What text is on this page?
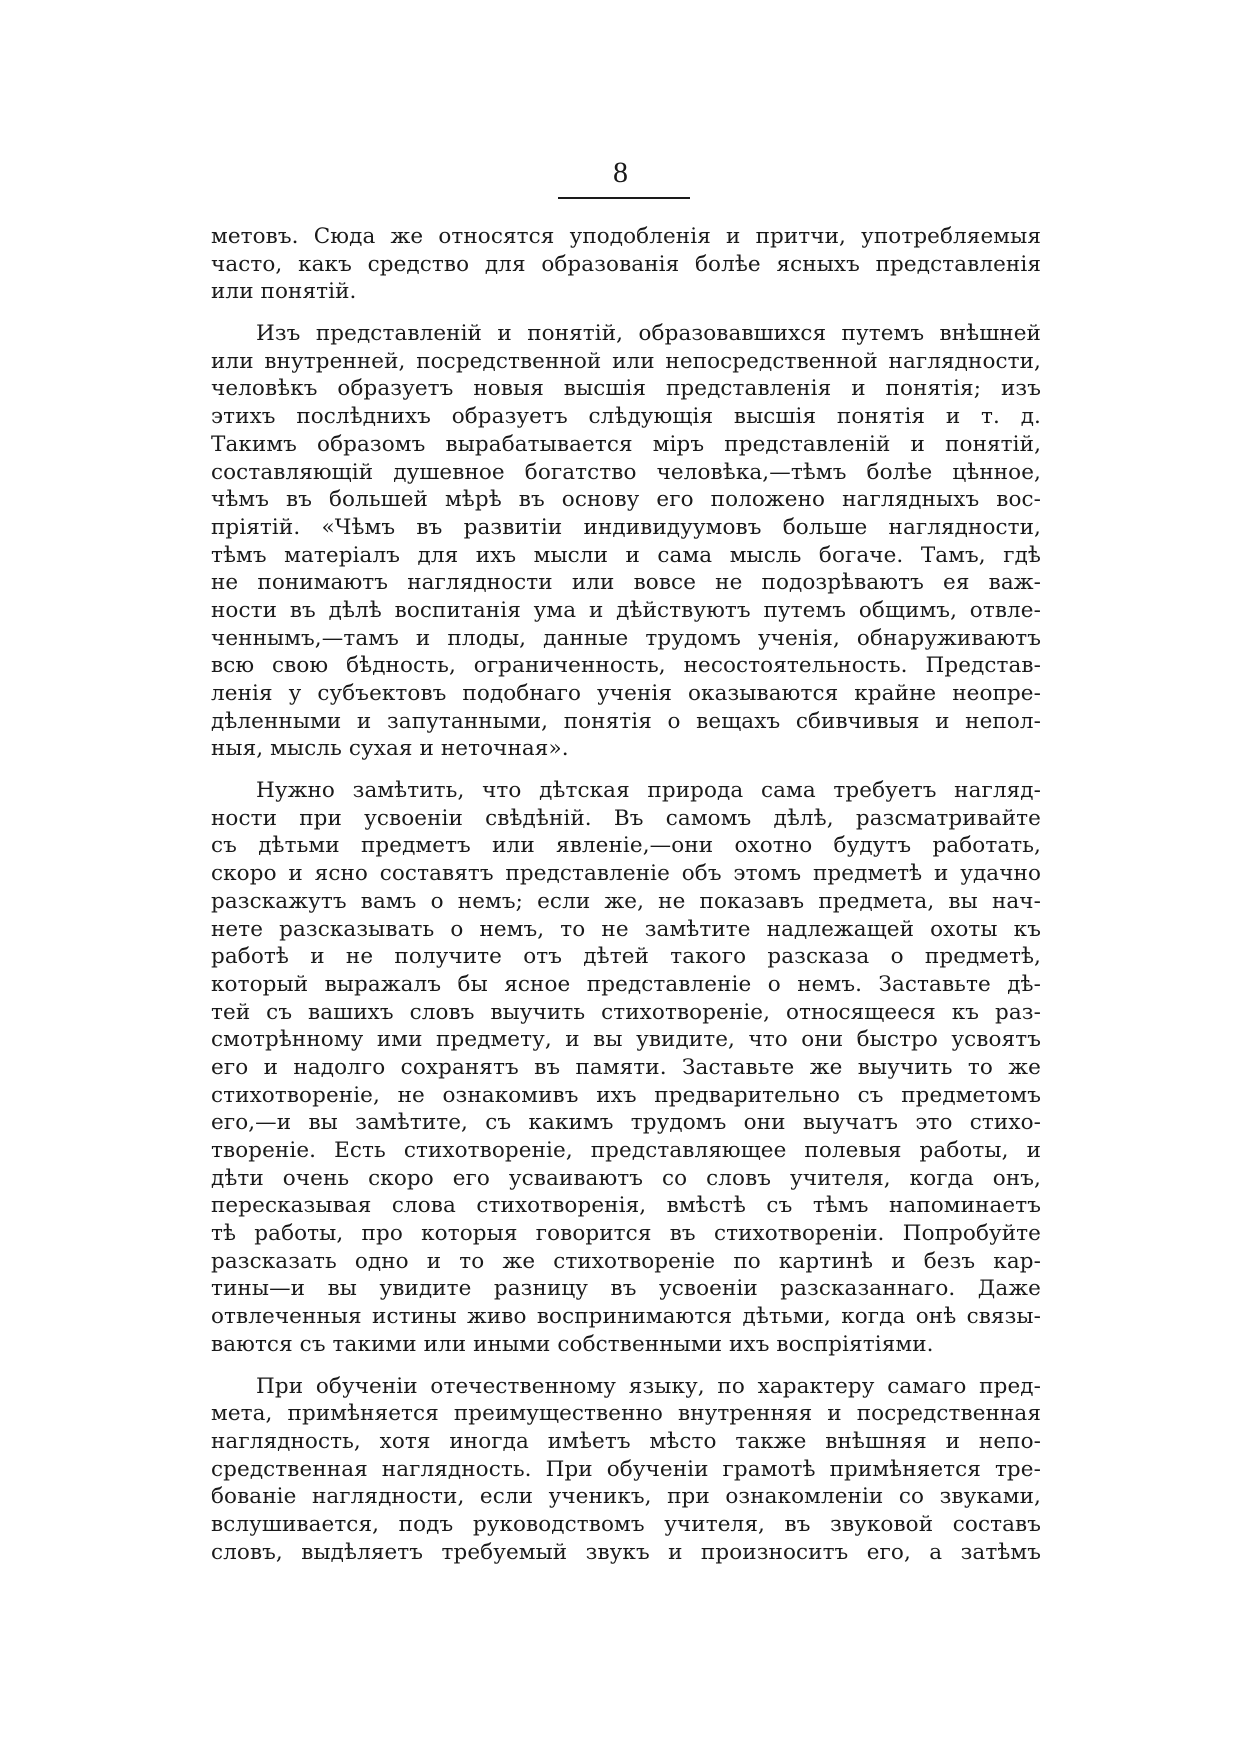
8
метовъ. Сюда же относятся уподобленія и притчи, употребляемыя
часто, какъ средство для образованія болѣе ясныхъ представленія
или понятій.
Изъ представленій и понятій, образовавшихся путемъ внѣшней
или внутренней, посредственной или непосредственной наглядности,
человѣкъ образуетъ новыя высшія представленія и понятія; изъ
этихъ послѣднихъ образуетъ слѣдующія высшія понятія и т. д.
Такимъ образомъ вырабатывается міръ представленій и понятій,
составляющій душевное богатство человѣка,—тѣмъ болѣе цѣнное,
чѣмъ въ большей мѣрѣ въ основу его положено наглядныхъ вос-
пріятій. «Чѣмъ въ развитіи индивидуумовъ больше наглядности,
тѣмъ матеріалъ для ихъ мысли и сама мысль богаче. Тамъ, гдѣ
не понимаютъ наглядности или вовсе не подозрѣваютъ ея важ-
ности въ дѣлѣ воспитанія ума и дѣйствуютъ путемъ общимъ, отвле-
ченнымъ,—тамъ и плоды, данные трудомъ ученія, обнаруживаютъ
всю свою бѣдность, ограниченность, несостоятельность. Представ-
ленія у субъектовъ подобнаго ученія оказываются крайне неопре-
дѣленными и запутанными, понятія о вещахъ сбивчивыя и непол-
ныя, мысль сухая и неточная».
Нужно замѣтить, что дѣтская природа сама требуетъ нагляд-
ности при усвоеніи свѣдѣній. Въ самомъ дѣлѣ, разсматривайте
съ дѣтьми предметъ или явленіе,—они охотно будутъ работать,
скоро и ясно составятъ представленіе объ этомъ предметѣ и удачно
разскажутъ вамъ о немъ; если же, не показавъ предмета, вы нач-
нете разсказывать о немъ, то не замѣтите надлежащей охоты къ
работѣ и не получите отъ дѣтей такого разсказа о предметѣ,
который выражалъ бы ясное представленіе о немъ. Заставьте дѣ-
тей съ вашихъ словъ выучить стихотвореніе, относящееся къ раз-
смотрѣнному ими предмету, и вы увидите, что они быстро усвоятъ
его и надолго сохранятъ въ памяти. Заставьте же выучить то же
стихотвореніе, не ознакомивъ ихъ предварительно съ предметомъ
его,—и вы замѣтите, съ какимъ трудомъ они выучатъ это стихо-
твореніе. Есть стихотвореніе, представляющее полевыя работы, и
дѣти очень скоро его усваиваютъ со словъ учителя, когда онъ,
пересказывая слова стихотворенія, вмѣстѣ съ тѣмъ напоминаетъ
тѣ работы, про которыя говорится въ стихотвореніи. Попробуйте
разсказать одно и то же стихотвореніе по картинѣ и безъ кар-
тины—и вы увидите разницу въ усвоеніи разсказаннаго. Даже
отвлеченныя истины живо воспринимаются дѣтьми, когда онѣ связы-
ваются съ такими или иными собственными ихъ воспріятіями.
При обученіи отечественному языку, по характеру самаго пред-
мета, примѣняется преимущественно внутренняя и посредственная
наглядность, хотя иногда имѣетъ мѣсто также внѣшняя и непо-
средственная наглядность. При обученіи грамотѣ примѣняется тре-
бованіе наглядности, если ученикъ, при ознакомленіи со звуками,
вслушивается, подъ руководствомъ учителя, въ звуковой составъ
словъ, выдѣляетъ требуемый звукъ и произноситъ его, а затѣмъ
